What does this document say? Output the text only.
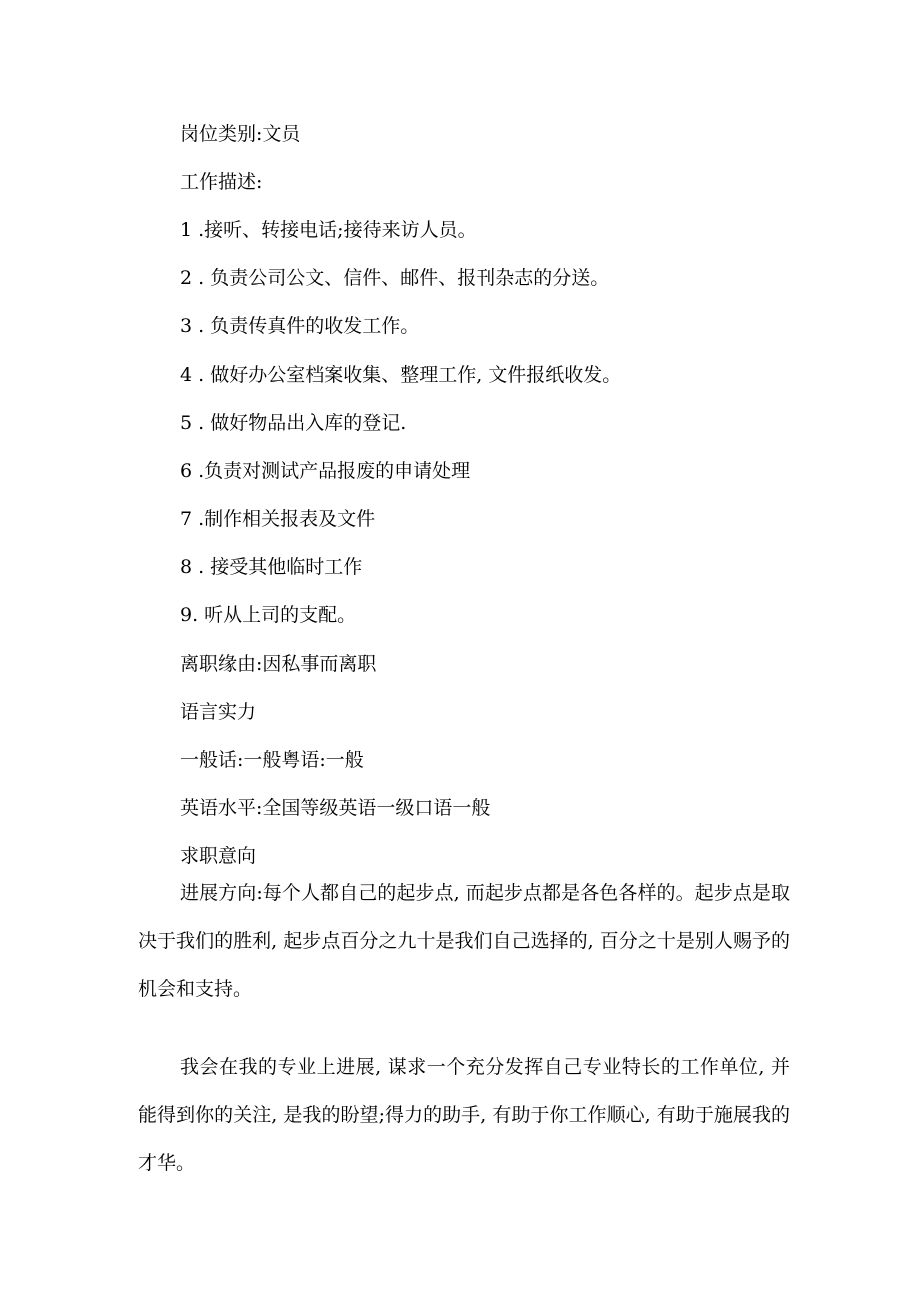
岗位类别:文员
工作描述:
1 .接听、转接电话;接待来访人员。
2 . 负责公司公文、信件、邮件、报刊杂志的分送。
3 . 负责传真件的收发工作。
4 . 做好办公室档案收集、整理工作, 文件报纸收发。
5 . 做好物品出入库的登记.
6 .负责对测试产品报废的申请处理
7 .制作相关报表及文件
8 . 接受其他临时工作
9. 听从上司的支配。
离职缘由:因私事而离职
语言实力
一般话:一般粤语:一般
英语水平:全国等级英语一级口语一般
求职意向
进展方向:每个人都自己的起步点, 而起步点都是各色各样的。起步点是取决于我们的胜利, 起步点百分之九十是我们自己选择的, 百分之十是别人赐予的机会和支持。
我会在我的专业上进展, 谋求一个充分发挥自己专业特长的工作单位, 并能得到你的关注, 是我的盼望;得力的助手, 有助于你工作顺心, 有助于施展我的才华。
